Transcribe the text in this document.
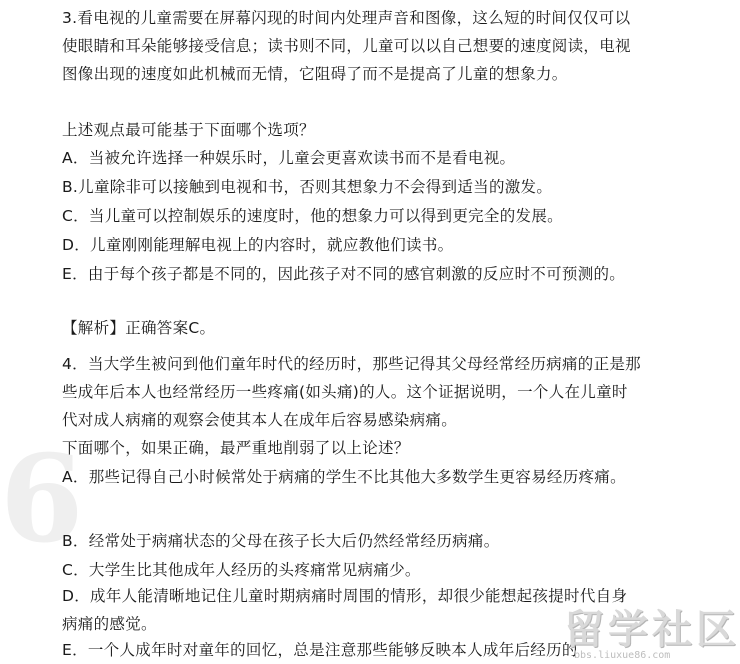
6
3.看电视的儿童需要在屏幕闪现的时间内处理声音和图像，这么短的时间仅仅可以使眼睛和耳朵能够接受信息；读书则不同，儿童可以以自己想要的速度阅读，电视图像出现的速度如此机械而无情，它阻碍了而不是提高了儿童的想象力。
上述观点最可能基于下面哪个选项？
A．当被允许选择一种娱乐时，儿童会更喜欢读书而不是看电视。
B.儿童除非可以接触到电视和书，否则其想象力不会得到适当的激发。
C．当儿童可以控制娱乐的速度时，他的想象力可以得到更完全的发展。
D．儿童刚刚能理解电视上的内容时，就应教他们读书。
E．由于每个孩子都是不同的，因此孩子对不同的感官刺激的反应时不可预测的。
【解析】正确答案C。
4．当大学生被问到他们童年时代的经历时，那些记得其父母经常经历病痛的正是那些成年后本人也经常经历一些疼痛(如头痛)的人。这个证据说明，一个人在儿童时代对成人病痛的观察会使其本人在成年后容易感染病痛。
下面哪个，如果正确，最严重地削弱了以上论述？
A．那些记得自己小时候常处于病痛的学生不比其他大多数学生更容易经历疼痛。
B．经常处于病痛状态的父母在孩子长大后仍然经常经历病痛。
C．大学生比其他成年人经历的头疼痛常见病痛少。
D．成年人能清晰地记住儿童时期病痛时周围的情形，却很少能想起孩提时代自身病痛的感觉。
E．一个人成年时对童年的回忆，总是注意那些能够反映本人成年后经历的
留学社区
bbs.liuxue86.com
